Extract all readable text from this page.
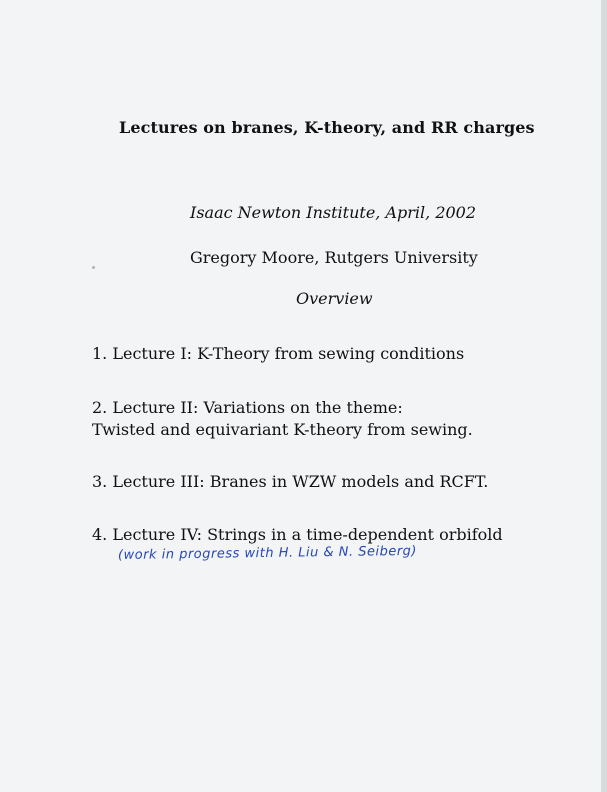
Lectures on branes, K-theory, and RR charges
Isaac Newton Institute, April, 2002
Gregory Moore, Rutgers University
Overview
1. Lecture I: K-Theory from sewing conditions
2. Lecture II: Variations on the theme:
Twisted and equivariant K-theory from sewing.
3. Lecture III: Branes in WZW models and RCFT.
4. Lecture IV: Strings in a time-dependent orbifold
(work in progress with H. Liu & N. Seiberg)
